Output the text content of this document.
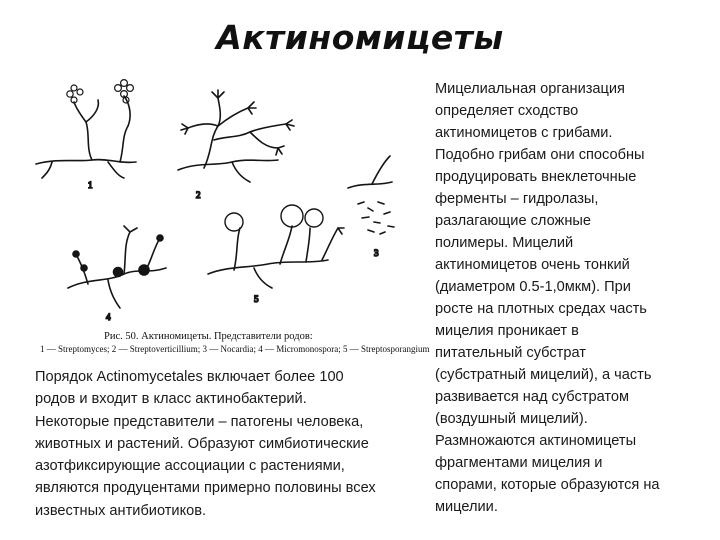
Актиномицеты
1
2
3
5
4
Рис. 50. Актиномицеты. Представители родов:
1 — Streptomyces; 2 — Streptoverticillium; 3 — Nocardia; 4 — Micromonospora; 5 — Streptosporangium
Порядок Actinomycetales включает более 100
родов и входит в класс актинобактерий.
Некоторые представители – патогены человека,
животных и растений. Образуют симбиотические
азотфиксирующие ассоциации с растениями,
являются продуцентами примерно половины всех
известных антибиотиков.
Мицелиальная организация
определяет сходство
актиномицетов с грибами.
Подобно грибам они способны
продуцировать внеклеточные
ферменты – гидролазы,
разлагающие сложные
полимеры. Мицелий
актиномицетов очень тонкий
(диаметром 0.5-1,0мкм). При
росте на плотных средах часть
мицелия проникает в
питательный субстрат
(субстратный мицелий), а часть
развивается над субстратом
(воздушный мицелий).
Размножаются актиномицеты
фрагментами мицелия и
спорами, которые образуются на
мицелии.
